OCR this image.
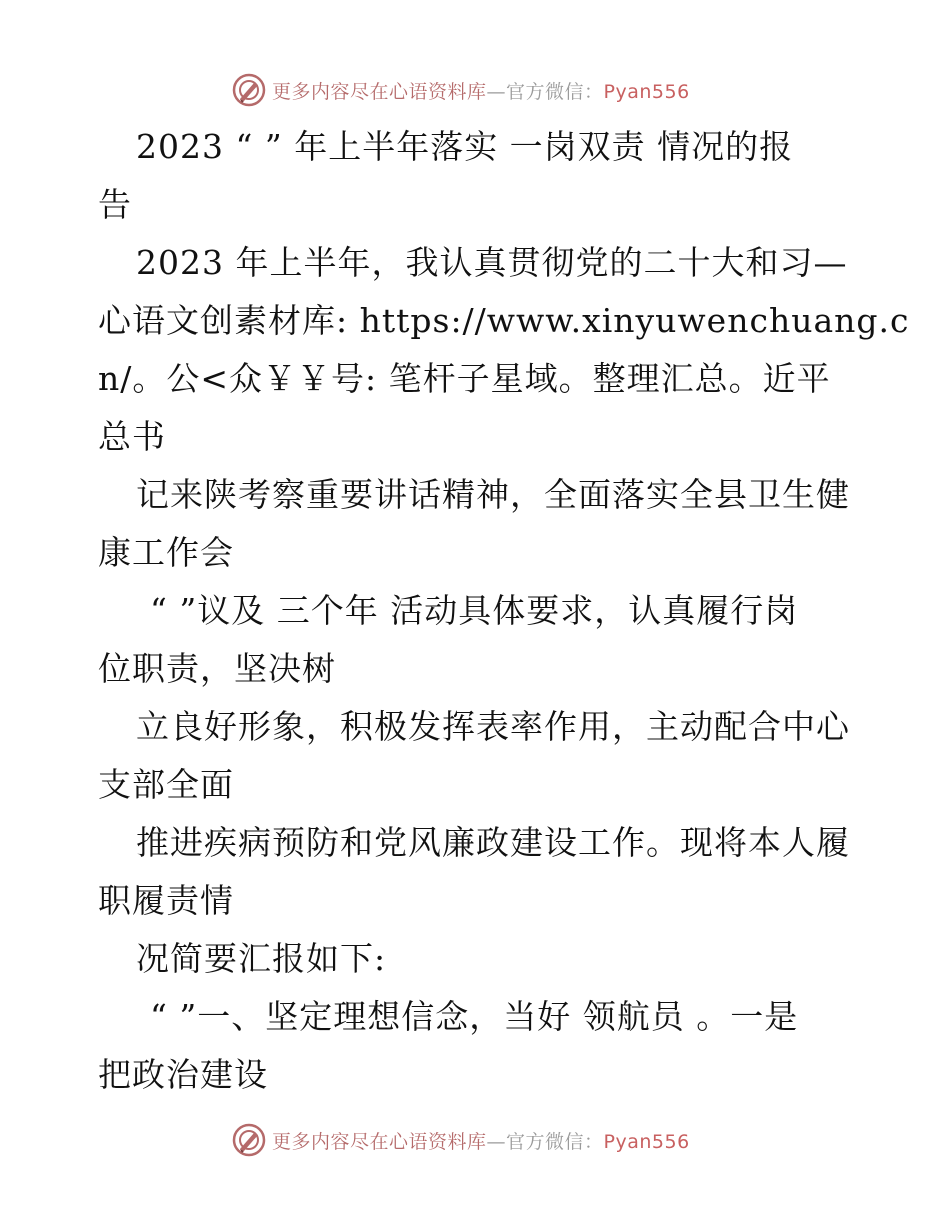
更多内容尽在心语资料库—官方微信：Pyan556
2023 “ ” 年上半年落实 一岗双责 情况的报
告
2023 年上半年，我认真贯彻党的二十大和习—
心语文创素材库: https://www.xinyuwenchuang.c
n/。公<众￥￥号: 笔杆子星域。整理汇总。近平
总书
记来陕考察重要讲话精神，全面落实全县卫生健
康工作会
“ ”议及 三个年 活动具体要求，认真履行岗
位职责，坚决树
立良好形象，积极发挥表率作用，主动配合中心
支部全面
推进疾病预防和党风廉政建设工作。现将本人履
职履责情
况简要汇报如下:
“ ”一、坚定理想信念，当好 领航员 。一是
把政治建设
更多内容尽在心语资料库—官方微信：Pyan556
